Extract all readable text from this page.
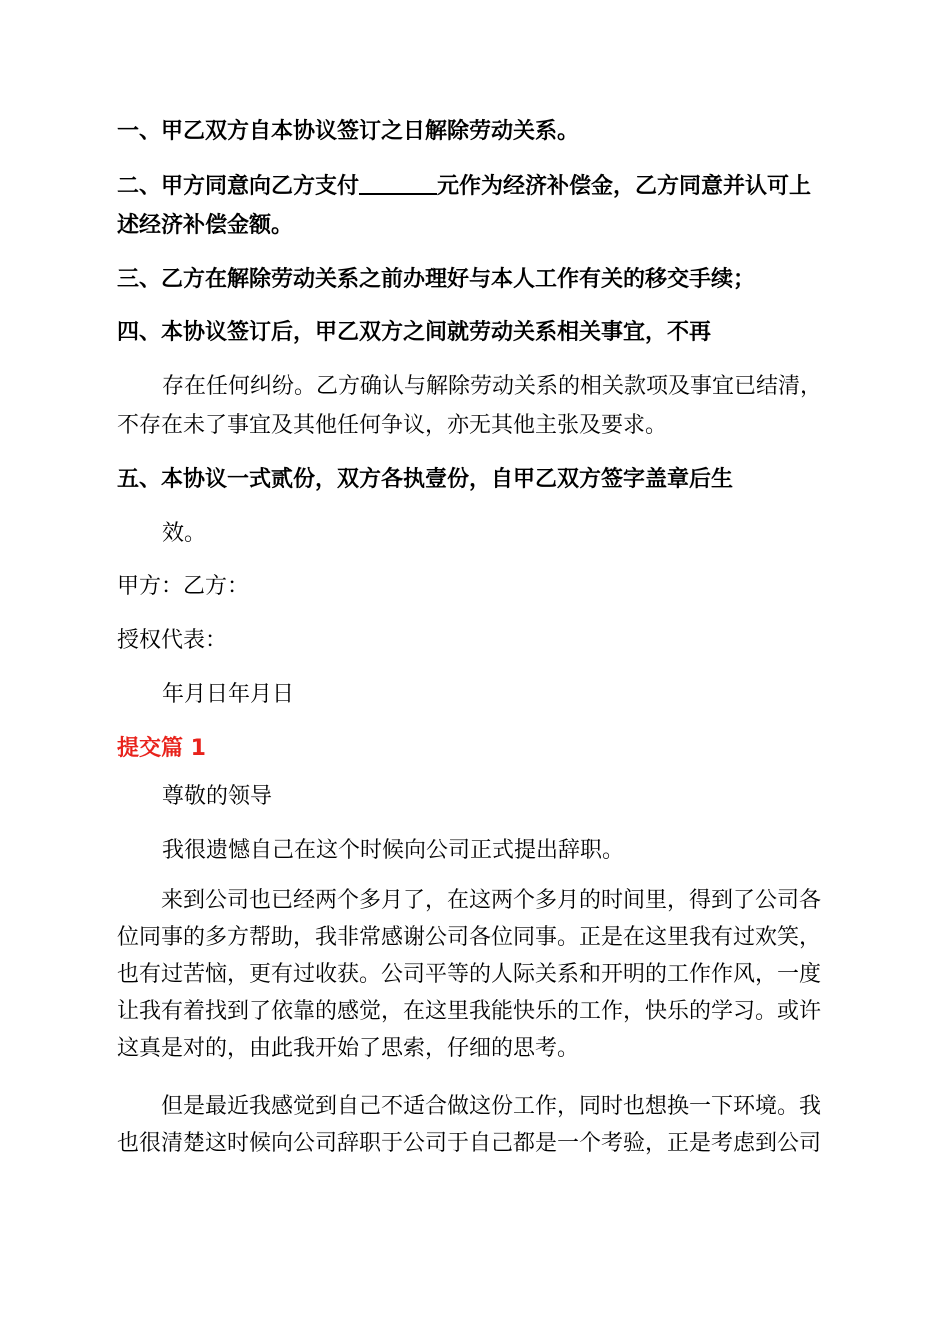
一、甲乙双方自本协议签订之日解除劳动关系。
二、甲方同意向乙方支付	元作为经济补偿金，乙方同意并认可上
述经济补偿金额。
三、乙方在解除劳动关系之前办理好与本人工作有关的移交手续；
四、本协议签订后，甲乙双方之间就劳动关系相关事宜，不再
存在任何纠纷。乙方确认与解除劳动关系的相关款项及事宜已结清，
不存在未了事宜及其他任何争议，亦无其他主张及要求。
五、本协议一式贰份，双方各执壹份，自甲乙双方签字盖章后生
效。
甲方：乙方：
授权代表：
年月日年月日
提交篇 1
尊敬的领导
我很遗憾自己在这个时候向公司正式提出辞职。
来到公司也已经两个多月了，在这两个多月的时间里，得到了公司各位同事的多方帮助，我非常感谢公司各位同事。正是在这里我有过欢笑，也有过苦恼，更有过收获。公司平等的人际关系和开明的工作作风，一度让我有着找到了依靠的感觉，在这里我能快乐的工作，快乐的学习。或许这真是对的，由此我开始了思索，仔细的思考。
但是最近我感觉到自己不适合做这份工作，同时也想换一下环境。我也很清楚这时候向公司辞职于公司于自己都是一个考验，正是考虑到公司
